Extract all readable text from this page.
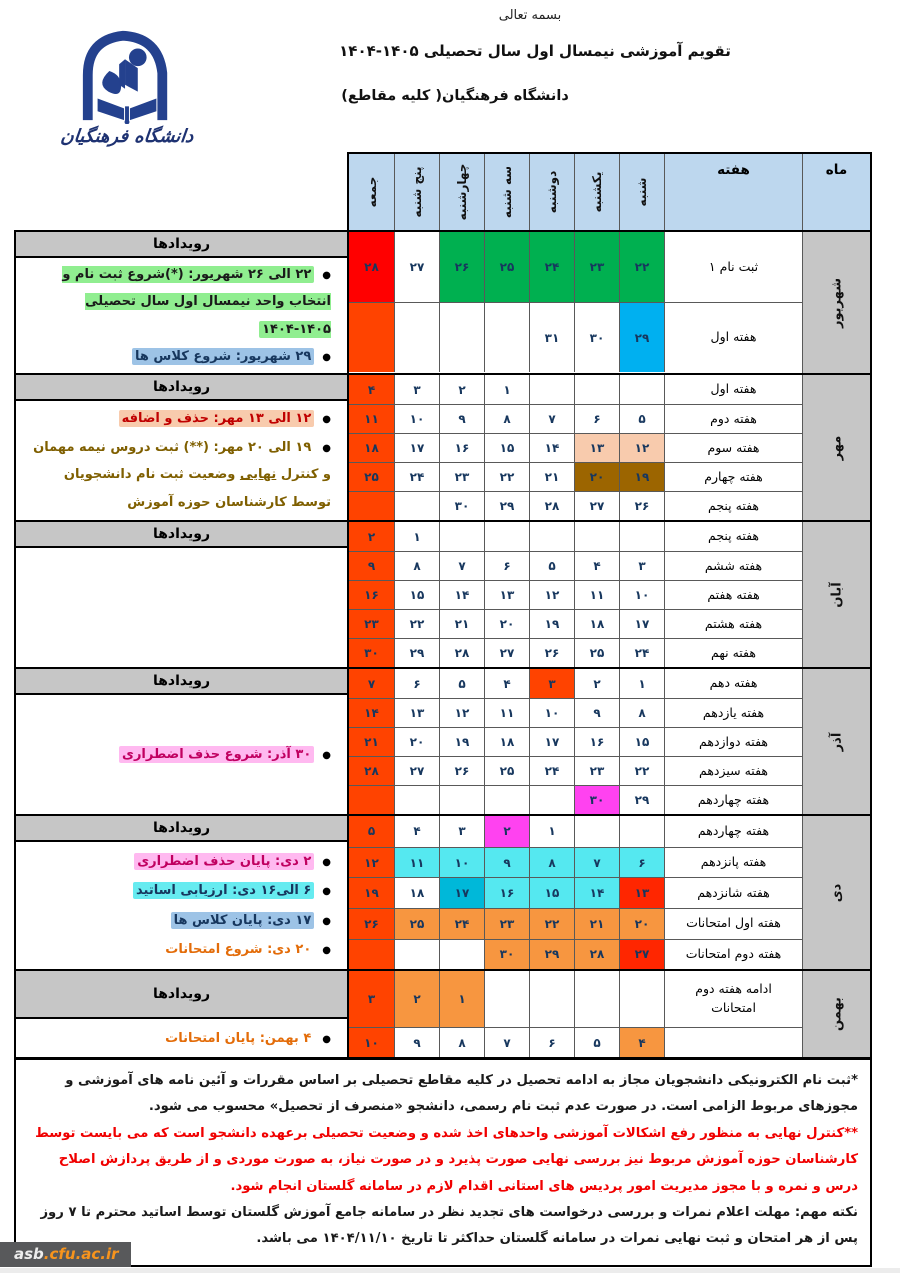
دانشگاه فرهنگیان
بسمه تعالی
تقویم آموزشی نیمسال اول سال تحصیلی ۱۴۰۵-۱۴۰۴
دانشگاه فرهنگیان( کلیه مقاطع)
ماه
هفته
شنبه
یکشنبه
دوشنبه
سه شنبه
چهارشنبه
پنج شنبه
جمعه
شهریور
ثبت نام ۱
۲۲
۲۳
۲۴
۲۵
۲۶
۲۷
۲۸
هفته اول
۲۹
۳۰
۳۱
رویدادها
●۲۲ الی ۲۶ شهریور: (*)شروع ثبت نام و انتخاب واحد نیمسال اول سال تحصیلی ۱۴۰۵-۱۴۰۴
●۲۹ شهریور: شروع کلاس ها
مهر
هفته اول
۱
۲
۳
۴
هفته دوم
۵
۶
۷
۸
۹
۱۰
۱۱
هفته سوم
۱۲
۱۳
۱۴
۱۵
۱۶
۱۷
۱۸
هفته چهارم
۱۹
۲۰
۲۱
۲۲
۲۳
۲۴
۲۵
هفته پنجم
۲۶
۲۷
۲۸
۲۹
۳۰
رویدادها
●۱۲ الی ۱۳ مهر: حذف و اضافه
●۱۹ الی ۲۰ مهر: (**) ثبت دروس نیمه مهمان و کنترل نهایی وضعیت ثبت نام دانشجویان توسط کارشناسان حوزه آموزش
آبان
هفته پنجم
۱
۲
هفته ششم
۳
۴
۵
۶
۷
۸
۹
هفته هفتم
۱۰
۱۱
۱۲
۱۳
۱۴
۱۵
۱۶
هفته هشتم
۱۷
۱۸
۱۹
۲۰
۲۱
۲۲
۲۳
هفته نهم
۲۴
۲۵
۲۶
۲۷
۲۸
۲۹
۳۰
رویدادها
آذر
هفته دهم
۱
۲
۳
۴
۵
۶
۷
هفته یازدهم
۸
۹
۱۰
۱۱
۱۲
۱۳
۱۴
هفته دوازدهم
۱۵
۱۶
۱۷
۱۸
۱۹
۲۰
۲۱
هفته سیزدهم
۲۲
۲۳
۲۴
۲۵
۲۶
۲۷
۲۸
هفته چهاردهم
۲۹
۳۰
رویدادها
●۳۰ آذر: شروع حذف اضطراری
دی
هفته چهاردهم
۱
۲
۳
۴
۵
هفته پانزدهم
۶
۷
۸
۹
۱۰
۱۱
۱۲
هفته شانزدهم
۱۳
۱۴
۱۵
۱۶
۱۷
۱۸
۱۹
هفته اول امتحانات
۲۰
۲۱
۲۲
۲۳
۲۴
۲۵
۲۶
هفته دوم امتحانات
۲۷
۲۸
۲۹
۳۰
رویدادها
●۲ دی: پایان حذف اضطراری
●۶ الی۱۶ دی: ارزیابی اساتید
●۱۷ دی: پایان کلاس ها
●۲۰ دی: شروع امتحانات
بهمن
ادامه هفته دوم امتحانات
۱
۲
۳
۴
۵
۶
۷
۸
۹
۱۰
رویدادها
●۴ بهمن: پایان امتحانات
*ثبت نام الکترونیکی دانشجویان مجاز به ادامه تحصیل در کلیه مقاطع تحصیلی بر اساس مقررات و آئین نامه های آموزشی و مجوزهای مربوط الزامی است. در صورت عدم ثبت نام رسمی، دانشجو «منصرف از تحصیل» محسوب می شود.
**کنترل نهایی به منظور رفع اشکالات آموزشی واحدهای اخذ شده و وضعیت تحصیلی برعهده دانشجو است که می بایست توسط کارشناسان حوزه آموزش مربوط نیز بررسی نهایی صورت پذیرد و در صورت نیاز، به صورت موردی و از طریق پردازش اصلاح درس و نمره و با مجوز مدیریت امور پردیس های استانی اقدام لازم در سامانه گلستان انجام شود.
نکته مهم: مهلت اعلام نمرات و بررسی درخواست های تجدید نظر در سامانه جامع آموزش گلستان توسط اساتید محترم تا ۷ روز پس از هر امتحان و ثبت نهایی نمرات در سامانه گلستان حداکثر تا تاریخ ۱۴۰۴/۱۱/۱۰ می باشد.
asb.cfu.ac.ir
